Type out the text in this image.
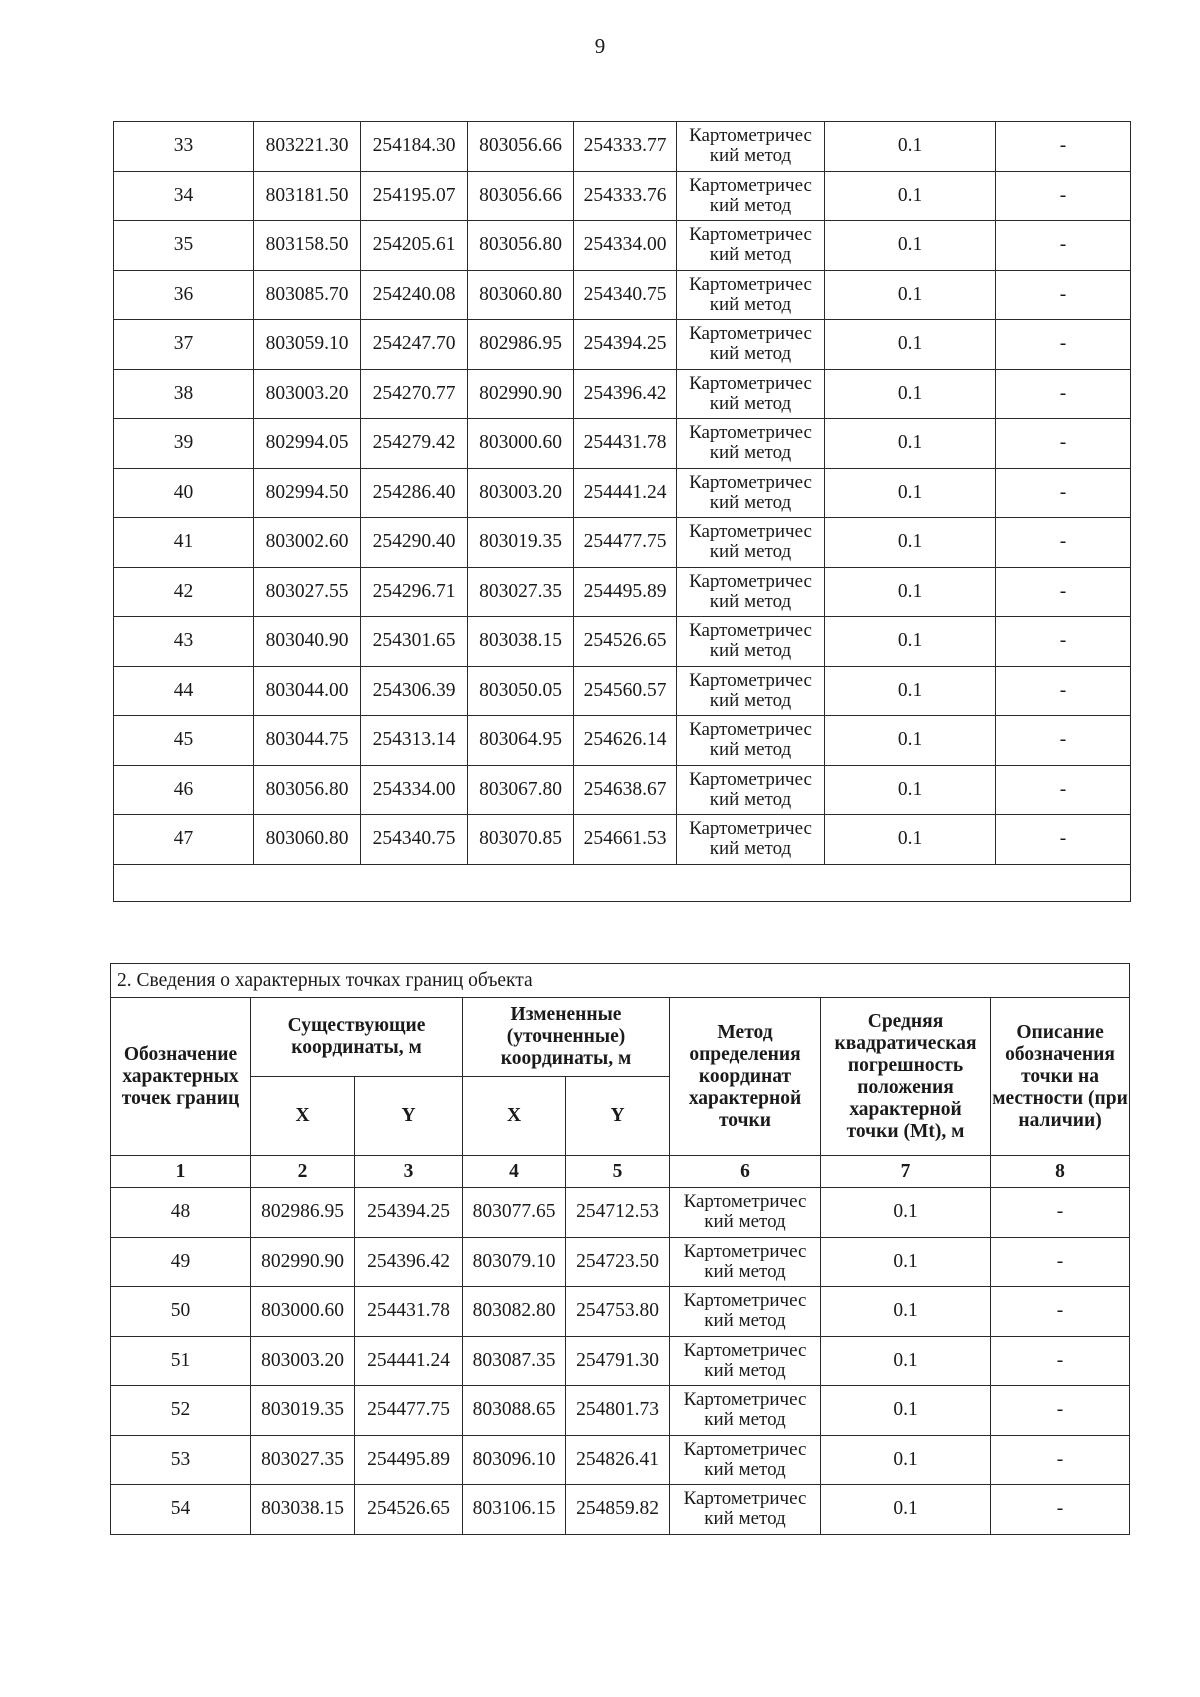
9
33	803221.30	254184.30	803056.66	254333.77	Картометричес
кий метод	0.1	-
34	803181.50	254195.07	803056.66	254333.76	Картометричес
кий метод	0.1	-
35	803158.50	254205.61	803056.80	254334.00	Картометричес
кий метод	0.1	-
36	803085.70	254240.08	803060.80	254340.75	Картометричес
кий метод	0.1	-
37	803059.10	254247.70	802986.95	254394.25	Картометричес
кий метод	0.1	-
38	803003.20	254270.77	802990.90	254396.42	Картометричес
кий метод	0.1	-
39	802994.05	254279.42	803000.60	254431.78	Картометричес
кий метод	0.1	-
40	802994.50	254286.40	803003.20	254441.24	Картометричес
кий метод	0.1	-
41	803002.60	254290.40	803019.35	254477.75	Картометричес
кий метод	0.1	-
42	803027.55	254296.71	803027.35	254495.89	Картометричес
кий метод	0.1	-
43	803040.90	254301.65	803038.15	254526.65	Картометричес
кий метод	0.1	-
44	803044.00	254306.39	803050.05	254560.57	Картометричес
кий метод	0.1	-
45	803044.75	254313.14	803064.95	254626.14	Картометричес
кий метод	0.1	-
46	803056.80	254334.00	803067.80	254638.67	Картометричес
кий метод	0.1	-
47	803060.80	254340.75	803070.85	254661.53	Картометричес
кий метод	0.1	-

2. Сведения о характерных точках границ объекта							
Обозначение характерных точек границ	Существующие координаты, м		Измененные (уточненные) координаты, м		Метод определения координат характерной точки	Средняя квадратическая погрешность положения характерной точки (Mt), м	Описание обозначения точки на местности (при наличии)
	X	Y	X	Y			
1	2	3	4	5	6	7	8
48	802986.95	254394.25	803077.65	254712.53	Картометричес
кий метод	0.1	-
49	802990.90	254396.42	803079.10	254723.50	Картометричес
кий метод	0.1	-
50	803000.60	254431.78	803082.80	254753.80	Картометричес
кий метод	0.1	-
51	803003.20	254441.24	803087.35	254791.30	Картометричес
кий метод	0.1	-
52	803019.35	254477.75	803088.65	254801.73	Картометричес
кий метод	0.1	-
53	803027.35	254495.89	803096.10	254826.41	Картометричес
кий метод	0.1	-
54	803038.15	254526.65	803106.15	254859.82	Картометричес
кий метод	0.1	-
